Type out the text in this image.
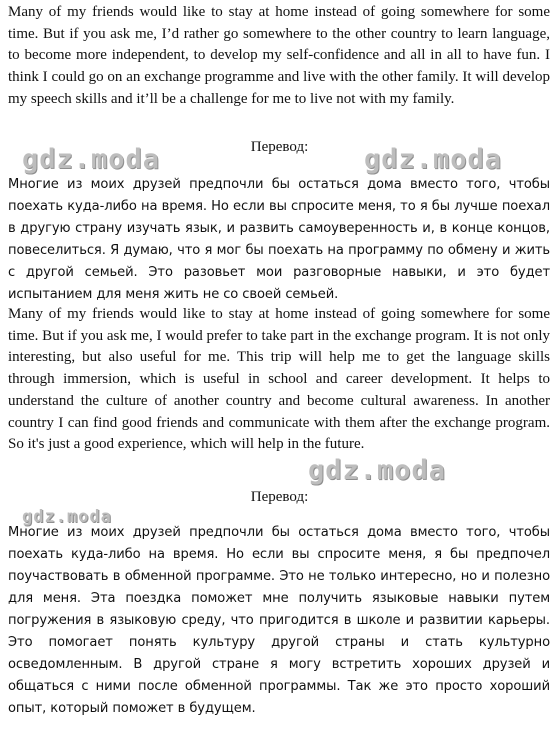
Many of my friends would like to stay at home instead of going somewhere for some time. But if you ask me, I’d rather go somewhere to the other country to learn language, to become more independent, to develop my self-confidence and all in all to have fun. I think I could go on an exchange programme and live with the other family. It will develop my speech skills and it’ll be a challenge for me to live not with my family.

Перевод:

gdz.moda	gdz.moda

Многие из моих друзей предпочли бы остаться дома вместо того, чтобы поехать куда-либо на время. Но если вы спросите меня, то я бы лучше поехал в другую страну изучать язык, и развить самоуверенность и, в конце концов, повеселиться. Я думаю, что я мог бы поехать на программу по обмену и жить с другой семьей. Это разовьет мои разговорные навыки, и это будет испытанием для меня жить не со своей семьей.

Many of my friends would like to stay at home instead of going somewhere for some time. But if you ask me, I would prefer to take part in the exchange program. It is not only interesting, but also useful for me. This trip will help me to get the language skills through immersion, which is useful in school and career development. It helps to understand the culture of another country and become cultural awareness. In another country I can find good friends and communicate with them after the exchange program. So it's just a good experience, which will help in the future.

gdz.moda

Перевод:

gdz.moda

Многие из моих друзей предпочли бы остаться дома вместо того, чтобы поехать куда-либо на время. Но если вы спросите меня, я бы предпочел поучаствовать в обменной программе. Это не только интересно, но и полезно для меня. Эта поездка поможет мне получить языковые навыки путем погружения в языковую среду, что пригодится в школе и развитии карьеры. Это помогает понять культуру другой страны и стать культурно осведомленным. В другой стране я могу встретить хороших друзей и общаться с ними после обменной программы. Так же это просто хороший опыт, который поможет в будущем.
